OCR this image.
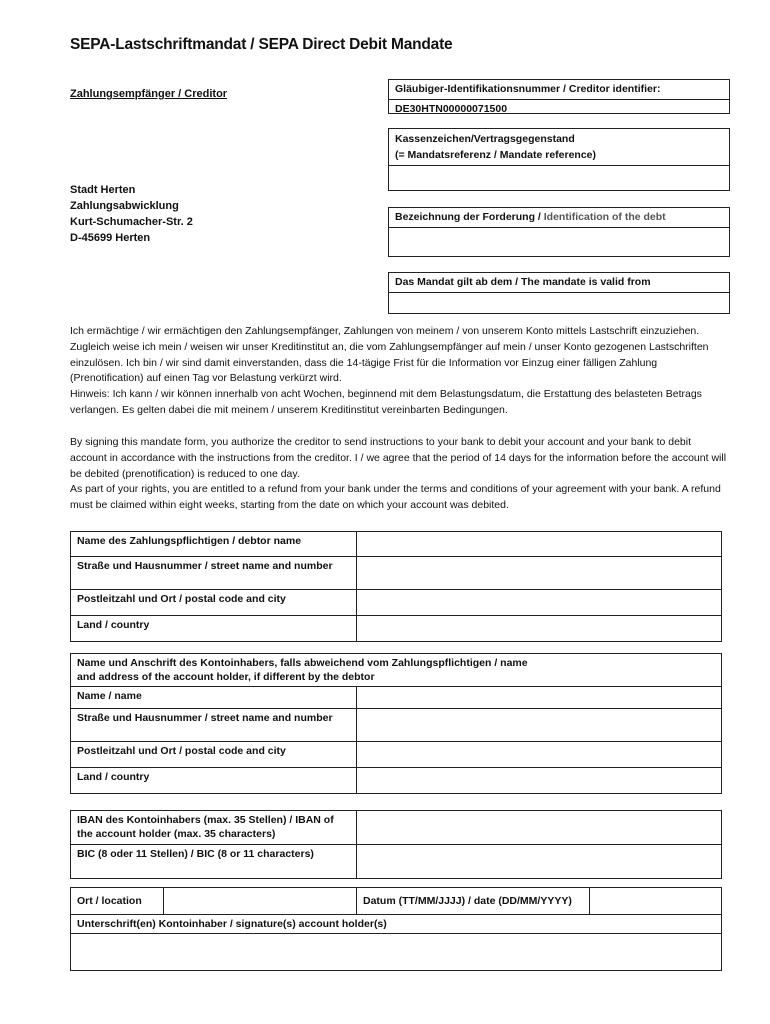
SEPA-Lastschriftmandat / SEPA Direct Debit Mandate
Zahlungsempfänger / Creditor
Stadt Herten
Zahlungsabwicklung
Kurt-Schumacher-Str. 2
D-45699 Herten
Gläubiger-Identifikationsnummer / Creditor identifier:
DE30HTN00000071500
Kassenzeichen/Vertragsgegenstand
(= Mandatsreferenz / Mandate reference)
Bezeichnung der Forderung / Identification of the debt
Das Mandat gilt ab dem / The mandate is valid from

Ich ermächtige / wir ermächtigen den Zahlungsempfänger, Zahlungen von meinem / von unserem Konto mittels Lastschrift einzuziehen. Zugleich weise ich mein / weisen wir unser Kreditinstitut an, die vom Zahlungsempfänger auf mein / unser Konto gezogenen Lastschriften einzulösen. Ich bin / wir sind damit einverstanden, dass die 14-tägige Frist für die Information vor Einzug einer fälligen Zahlung (Prenotification) auf einen Tag vor Belastung verkürzt wird.

Hinweis: Ich kann / wir können innerhalb von acht Wochen, beginnend mit dem Belastungsdatum, die Erstattung des belasteten Betrags verlangen. Es gelten dabei die mit meinem / unserem Kreditinstitut vereinbarten Bedingungen.

By signing this mandate form, you authorize the creditor to send instructions to your bank to debit your account and your bank to debit account in accordance with the instructions from the creditor. I / we agree that the period of 14 days for the information before the account will be debited (prenotification) is reduced to one day.

As part of your rights, you are entitled to a refund from your bank under the terms and conditions of your agreement with your bank. A refund must be claimed within eight weeks, starting from the date on which your account was debited.

Name des Zahlungspflichtigen / debtor name	
Straße und Hausnummer / street name and number	
Postleitzahl und Ort / postal code and city	
Land / country	
Name und Anschrift des Kontoinhabers, falls abweichend vom Zahlungspflichtigen / name and address of the account holder, if different by the debtor	
Name / name	
Straße und Hausnummer / street name and number	
Postleitzahl und Ort / postal code and city	
Land / country	
IBAN des Kontoinhabers (max. 35 Stellen) / IBAN of the account holder (max. 35 characters)	
BIC (8 oder 11 Stellen) / BIC (8 or 11 characters)	
Ort / location		Datum (TT/MM/JJJJ) / date (DD/MM/YYYY)	
Unterschrift(en) Kontoinhaber / signature(s) account holder(s)
